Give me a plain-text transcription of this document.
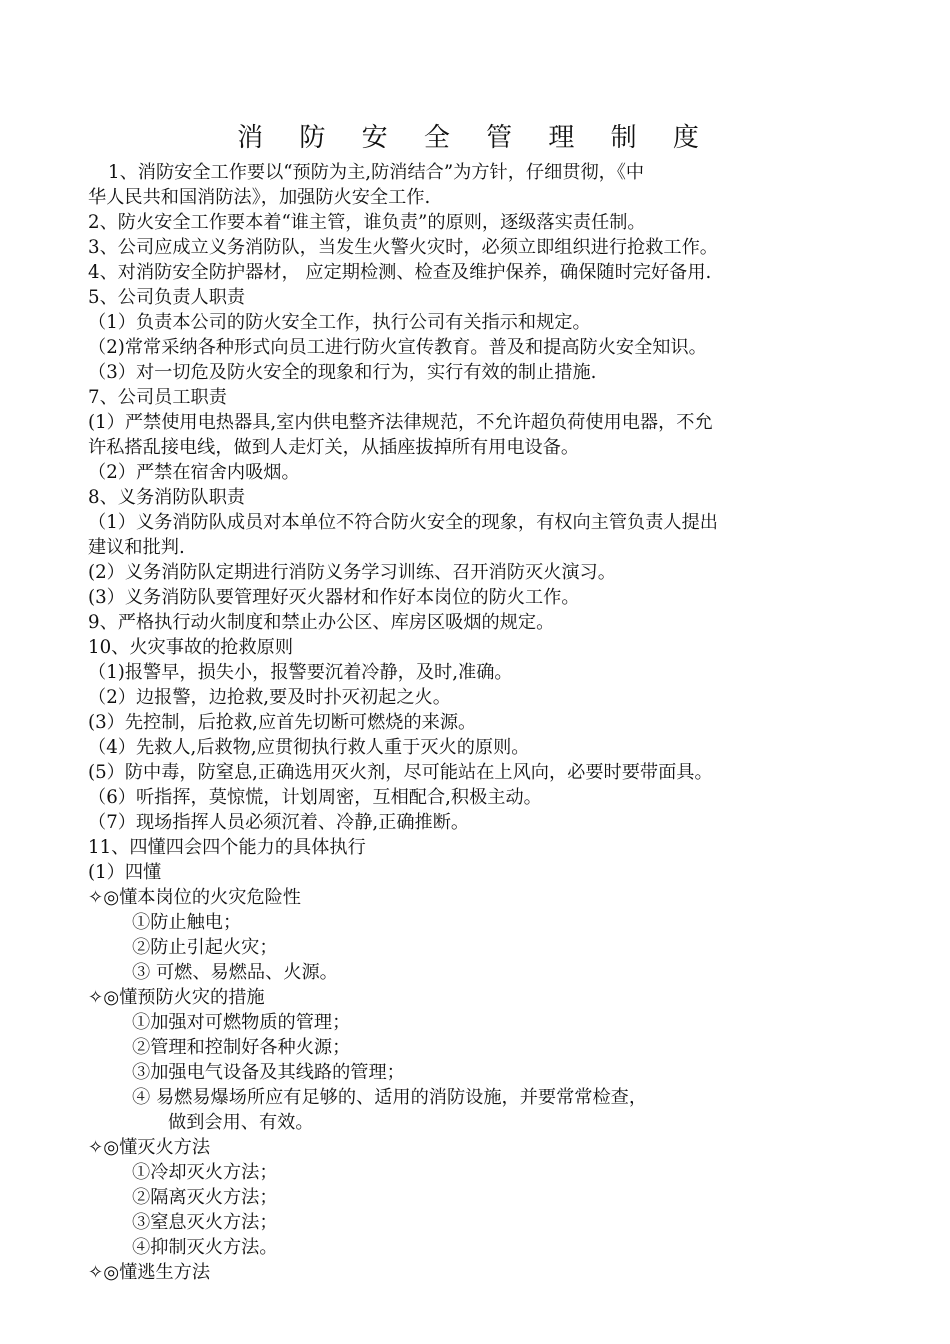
消 防 安 全 管 理 制 度
1、消防安全工作要以“预防为主,防消结合”为方针，仔细贯彻，《中
华人民共和国消防法》，加强防火安全工作.
2、防火安全工作要本着“谁主管，谁负责”的原则，逐级落实责任制。
3、公司应成立义务消防队，当发生火警火灾时，必须立即组织进行抢救工作。
4、对消防安全防护器材， 应定期检测、检查及维护保养，确保随时完好备用.
5、公司负责人职责
（1）负责本公司的防火安全工作，执行公司有关指示和规定。
（2)常常采纳各种形式向员工进行防火宣传教育。普及和提高防火安全知识。
（3）对一切危及防火安全的现象和行为，实行有效的制止措施.
7、公司员工职责
(1）严禁使用电热器具,室内供电整齐法律规范，不允许超负荷使用电器，不允
许私搭乱接电线，做到人走灯关，从插座拔掉所有用电设备。
（2）严禁在宿舍内吸烟。
8、义务消防队职责
（1）义务消防队成员对本单位不符合防火安全的现象，有权向主管负责人提出
建议和批判.
(2）义务消防队定期进行消防义务学习训练、召开消防灭火演习。
(3）义务消防队要管理好灭火器材和作好本岗位的防火工作。
9、严格执行动火制度和禁止办公区、库房区吸烟的规定。
10、火灾事故的抢救原则
（1)报警早，损失小，报警要沉着冷静，及时,准确。
（2）边报警，边抢救,要及时扑灭初起之火。
(3）先控制，后抢救,应首先切断可燃烧的来源。
（4）先救人,后救物,应贯彻执行救人重于灭火的原则。
(5）防中毒，防窒息,正确选用灭火剂，尽可能站在上风向，必要时要带面具。
（6）听指挥，莫惊慌，计划周密，互相配合,积极主动。
（7）现场指挥人员必须沉着、冷静,正确推断。
11、四懂四会四个能力的具体执行
(1）四懂
✧◎懂本岗位的火灾危险性
①防止触电；
②防止引起火灾；
③ 可燃、易燃品、火源。
✧◎懂预防火灾的措施
①加强对可燃物质的管理；
②管理和控制好各种火源；
③加强电气设备及其线路的管理；
④ 易燃易爆场所应有足够的、适用的消防设施，并要常常检查，
做到会用、有效。
✧◎懂灭火方法
①冷却灭火方法；
②隔离灭火方法；
③窒息灭火方法；
④抑制灭火方法。
✧◎懂逃生方法
